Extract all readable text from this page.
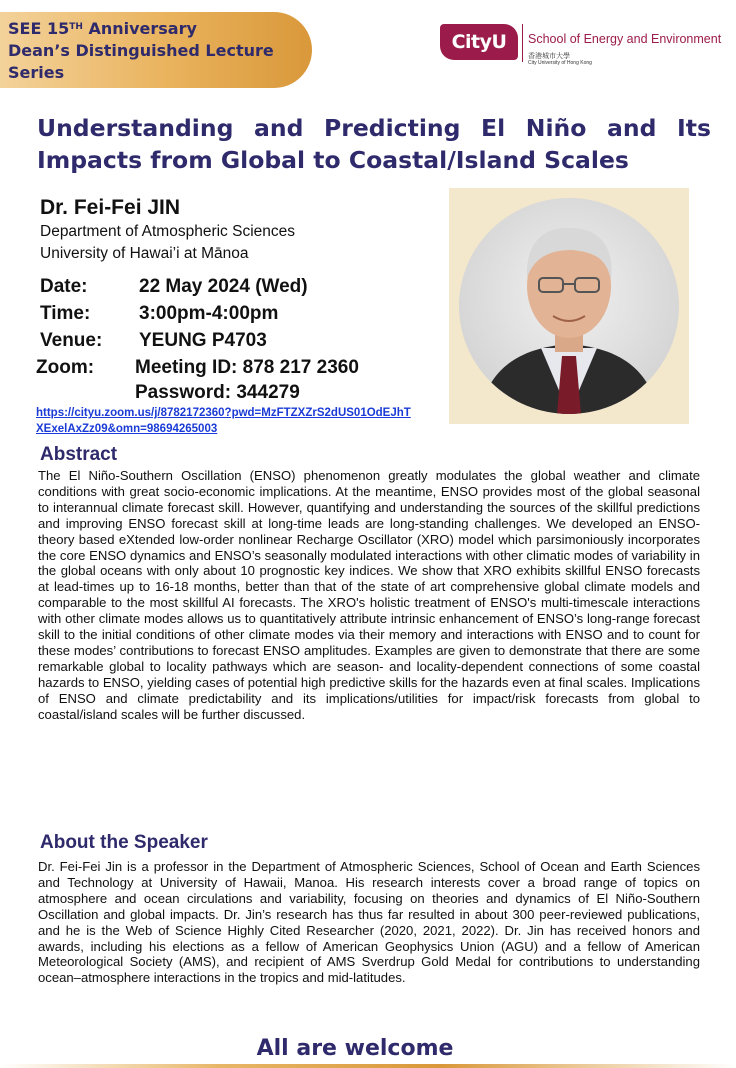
SEE 15TH Anniversary
Dean’s Distinguished Lecture
Series
CityU	School of Energy and Environment
香港城市大學
City University of Hong Kong
Understanding and Predicting El Niño and Its
Impacts from Global to Coastal/Island Scales
Dr. Fei-Fei JIN
Department of Atmospheric Sciences
University of Hawai’i at Mānoa
Date:	22 May 2024 (Wed)
Time:	3:00pm-4:00pm
Venue: YEUNG P4703
Zoom: Meeting ID: 878 217 2360
Password: 344279
https://cityu.zoom.us/j/8782172360?pwd=MzFTZXZrS2dUS01OdEJhTXExelAxZz09&omn=98694265003
Abstract
The El Niño-Southern Oscillation (ENSO) phenomenon greatly modulates the global weather and climate conditions with great socio-economic implications. At the meantime, ENSO provides most of the global seasonal to interannual climate forecast skill. However, quantifying and understanding the sources of the skillful predictions and improving ENSO forecast skill at long-time leads are long-standing challenges. We developed an ENSO-theory based eXtended low-order nonlinear Recharge Oscillator (XRO) model which parsimoniously incorporates the core ENSO dynamics and ENSO’s seasonally modulated interactions with other climatic modes of variability in the global oceans with only about 10 prognostic key indices. We show that XRO exhibits skillful ENSO forecasts at lead-times up to 16-18 months, better than that of the state of art comprehensive global climate models and comparable to the most skillful AI forecasts. The XRO's holistic treatment of ENSO's multi-timescale interactions with other climate modes allows us to quantitatively attribute intrinsic enhancement of ENSO’s long-range forecast skill to the initial conditions of other climate modes via their memory and interactions with ENSO and to count for these modes’ contributions to forecast ENSO amplitudes. Examples are given to demonstrate that there are some remarkable global to locality pathways which are season- and locality-dependent connections of some coastal hazards to ENSO, yielding cases of potential high predictive skills for the hazards even at final scales. Implications of ENSO and climate predictability and its implications/utilities for impact/risk forecasts from global to coastal/island scales will be further discussed.
About the Speaker
Dr. Fei-Fei Jin is a professor in the Department of Atmospheric Sciences, School of Ocean and Earth Sciences and Technology at University of Hawaii, Manoa. His research interests cover a broad range of topics on atmosphere and ocean circulations and variability, focusing on theories and dynamics of El Niño-Southern Oscillation and global impacts. Dr. Jin’s research has thus far resulted in about 300 peer-reviewed publications, and he is the Web of Science Highly Cited Researcher (2020, 2021, 2022). Dr. Jin has received honors and awards, including his elections as a fellow of American Geophysics Union (AGU) and a fellow of American Meteorological Society (AMS), and recipient of AMS Sverdrup Gold Medal for contributions to understanding ocean–atmosphere interactions in the tropics and mid-latitudes.
All are welcome
